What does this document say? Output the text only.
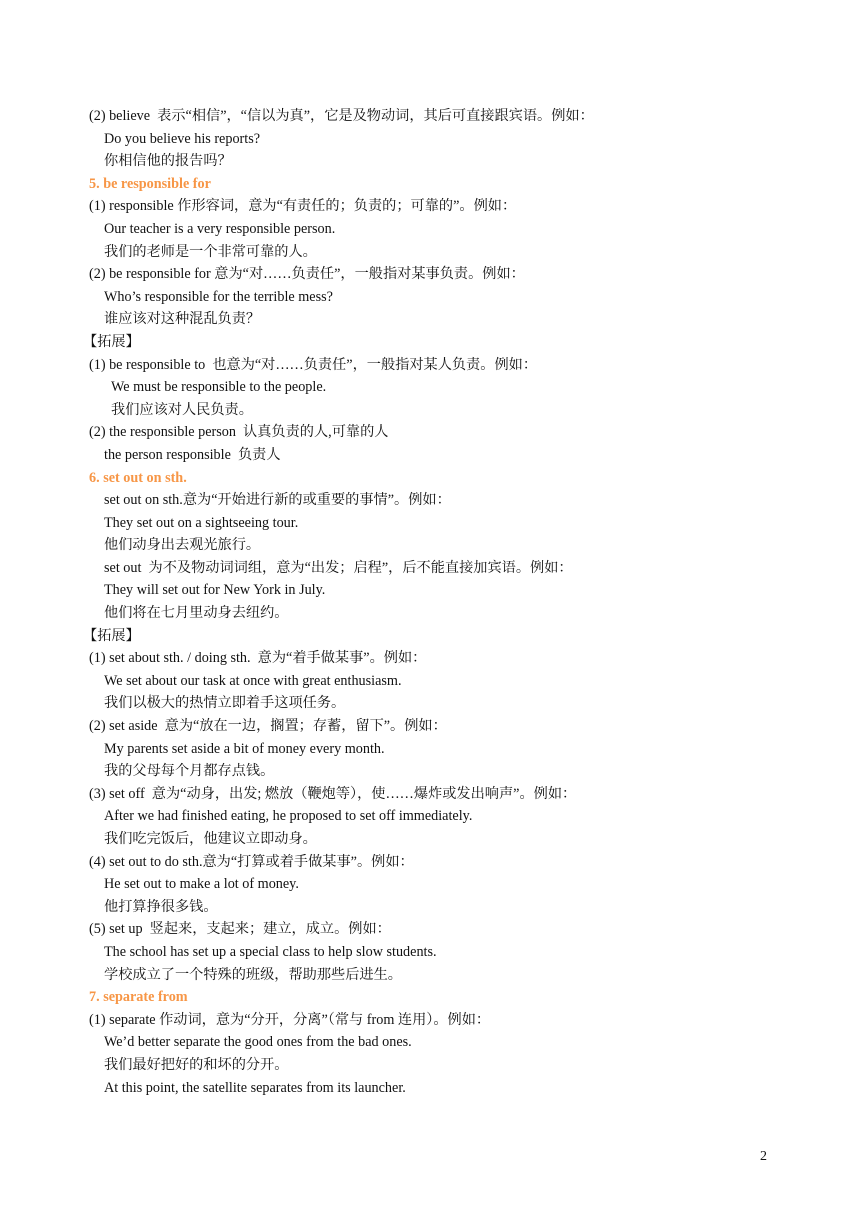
(2) believe  表示“相信”，“信以为真”，它是及物动词，其后可直接跟宾语。例如：
Do you believe his reports?
你相信他的报告吗？
5. be responsible for
(1) responsible 作形容词，意为“有责任的；负责的；可靠的”。例如：
Our teacher is a very responsible person.
我们的老师是一个非常可靠的人。
(2) be responsible for 意为“对……负责任”，一般指对某事负责。例如：
Who’s responsible for the terrible mess?
谁应该对这种混乱负责？
【拓展】
(1) be responsible to  也意为“对……负责任”，一般指对某人负责。例如：
We must be responsible to the people.
我们应该对人民负责。
(2) the responsible person  认真负责的人,可靠的人
the person responsible  负责人
6. set out on sth.
set out on sth.意为“开始进行新的或重要的事情”。例如：
They set out on a sightseeing tour.
他们动身出去观光旅行。
set out  为不及物动词词组，意为“出发；启程”，后不能直接加宾语。例如：
They will set out for New York in July.
他们将在七月里动身去纽约。
【拓展】
(1) set about sth. / doing sth.  意为“着手做某事”。例如：
We set about our task at once with great enthusiasm.
我们以极大的热情立即着手这项任务。
(2) set aside  意为“放在一边，搁置；存蓄，留下”。例如：
My parents set aside a bit of money every month.
我的父母每个月都存点钱。
(3) set off  意为“动身，出发; 燃放（鞭炮等），使……爆炸或发出响声”。例如：
After we had finished eating, he proposed to set off immediately.
我们吃完饭后，他建议立即动身。
(4) set out to do sth.意为“打算或着手做某事”。例如：
He set out to make a lot of money.
他打算挣很多钱。
(5) set up  竖起来，支起来；建立，成立。例如：
The school has set up a special class to help slow students.
学校成立了一个特殊的班级，帮助那些后进生。
7. separate from
(1) separate 作动词，意为“分开，分离”（常与 from 连用）。例如：
We’d better separate the good ones from the bad ones.
我们最好把好的和坏的分开。
At this point, the satellite separates from its launcher.
2
